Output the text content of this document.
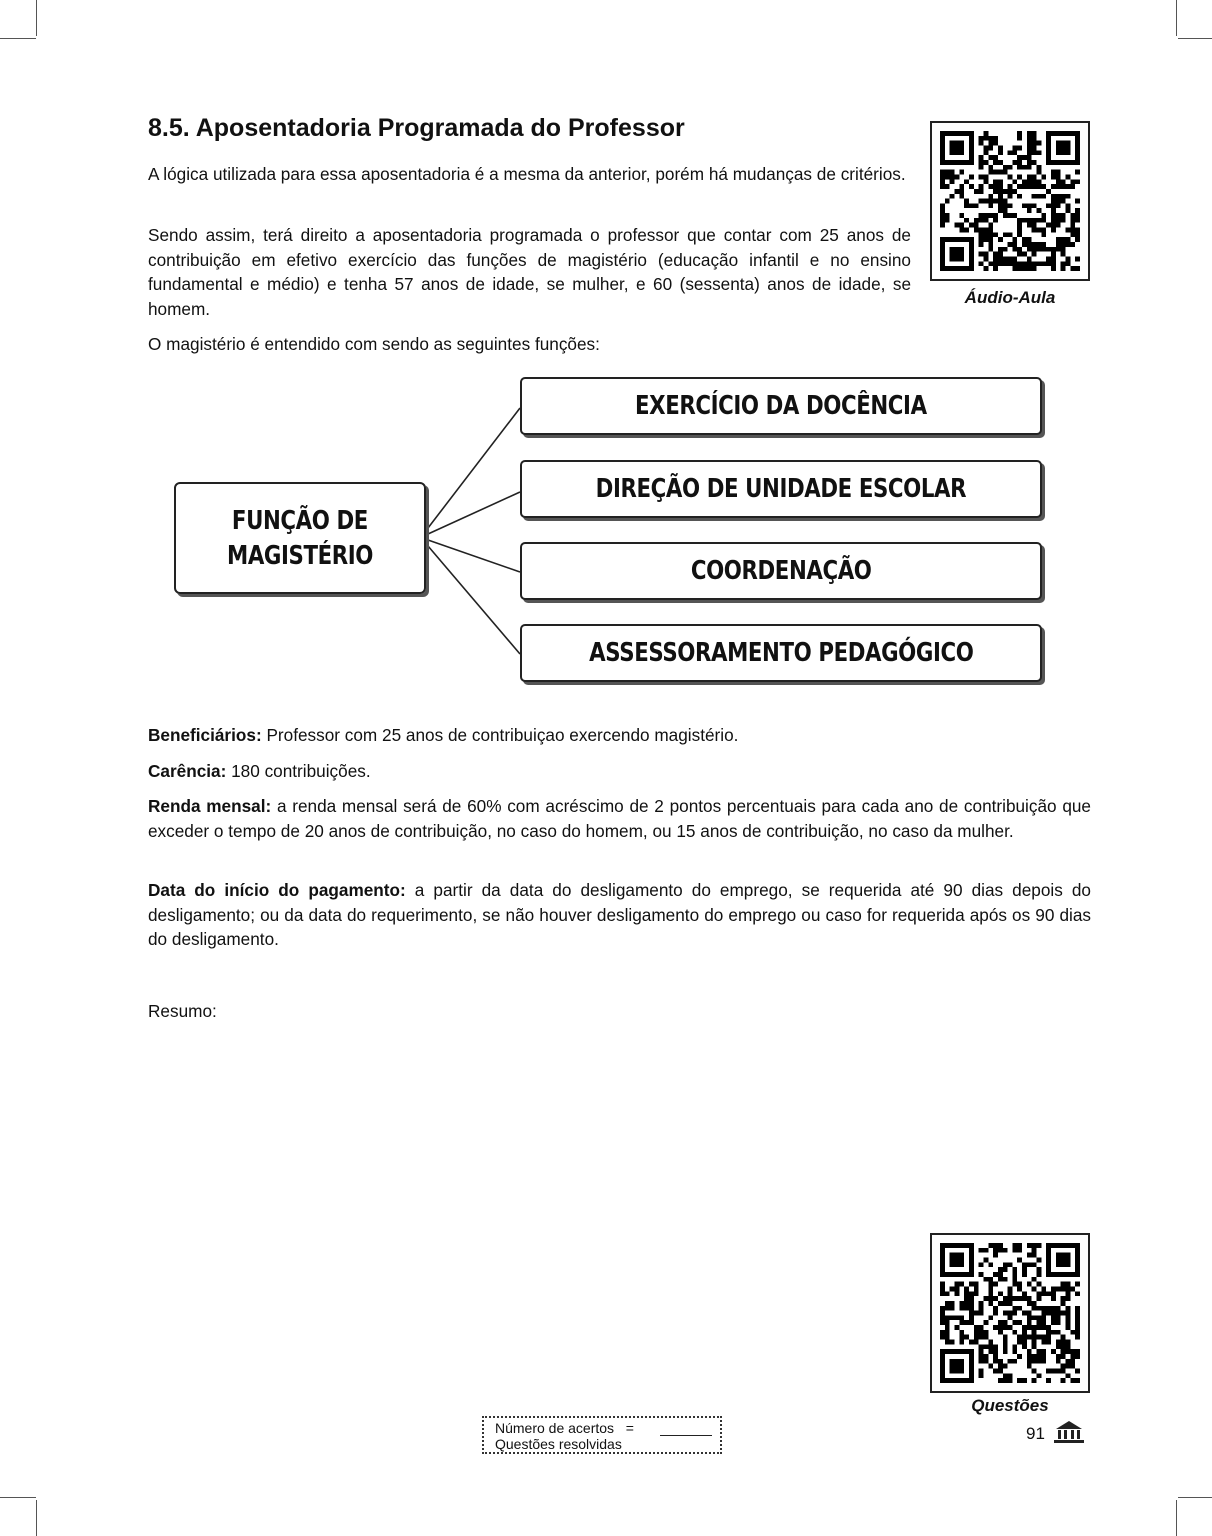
8.5. Aposentadoria Programada do Professor

A lógica utilizada para essa aposentadoria é a mesma da anterior, porém há mudanças de critérios.

Sendo assim, terá direito a aposentadoria programada o professor que contar com 25 anos de contribuição em efetivo exercício das funções de magistério (educação infantil e no ensino fundamental e médio) e tenha 57 anos de idade, se mulher, e 60 (sessenta) anos de idade, se homem.

O magistério é entendido com sendo as seguintes funções:

Áudio-Aula
FUNÇÃO DE
MAGISTÉRIO
EXERCÍCIO DA DOCÊNCIA
DIREÇÃO DE UNIDADE ESCOLAR
COORDENAÇÃO
ASSESSORAMENTO PEDAGÓGICO

Beneficiários: Professor com 25 anos de contribuiçao exercendo magistério.

Carência: 180 contribuições.

Renda mensal: a renda mensal será de 60% com acréscimo de 2 pontos percentuais para cada ano de contribuição que exceder o tempo de 20 anos de contribuição, no caso do homem, ou 15 anos de contribuição, no caso da mulher.

Data do início do pagamento: a partir da data do desligamento do emprego, se requerida até 90 dias depois do desligamento; ou da data do requerimento, se não houver desligamento do emprego ou caso for requerida após os 90 dias do desligamento.

Resumo:

Questões
Número de acertos =
Questões resolvidas
91
